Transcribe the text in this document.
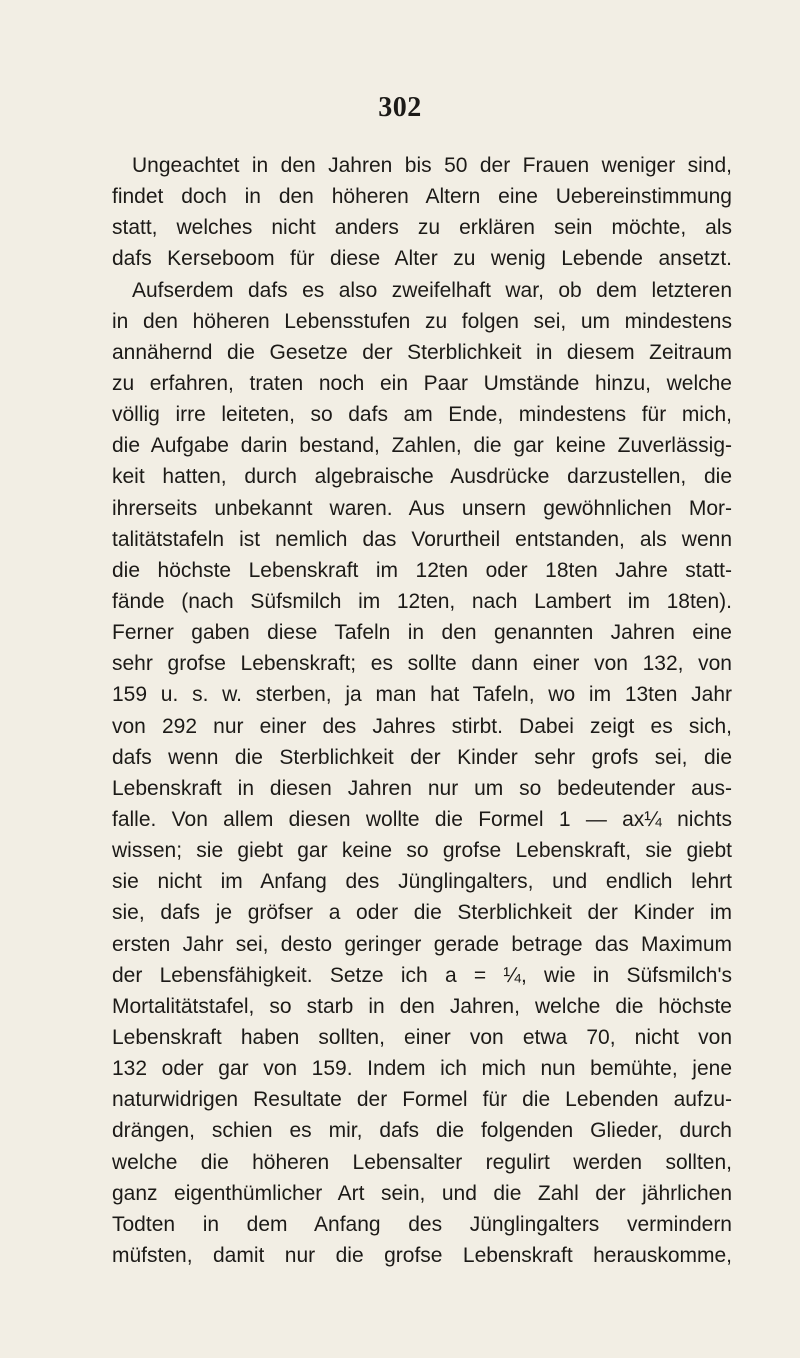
302
Ungeachtet in den Jahren bis 50 der Frauen weniger sind,
findet doch in den höheren Altern eine Uebereinstimmung
statt, welches nicht anders zu erklären sein möchte, als
dafs Kerseboom für diese Alter zu wenig Lebende ansetzt.
Aufserdem dafs es also zweifelhaft war, ob dem letzteren
in den höheren Lebensstufen zu folgen sei, um mindestens
annähernd die Gesetze der Sterblichkeit in diesem Zeitraum
zu erfahren, traten noch ein Paar Umstände hinzu, welche
völlig irre leiteten, so dafs am Ende, mindestens für mich,
die Aufgabe darin bestand, Zahlen, die gar keine Zuverlässig-
keit hatten, durch algebraische Ausdrücke darzustellen, die
ihrerseits unbekannt waren. Aus unsern gewöhnlichen Mor-
talitätstafeln ist nemlich das Vorurtheil entstanden, als wenn
die höchste Lebenskraft im 12ten oder 18ten Jahre statt-
fände (nach Süfsmilch im 12ten, nach Lambert im 18ten).
Ferner gaben diese Tafeln in den genannten Jahren eine
sehr grofse Lebenskraft; es sollte dann einer von 132, von
159 u. s. w. sterben, ja man hat Tafeln, wo im 13ten Jahr
von 292 nur einer des Jahres stirbt. Dabei zeigt es sich,
dafs wenn die Sterblichkeit der Kinder sehr grofs sei, die
Lebenskraft in diesen Jahren nur um so bedeutender aus-
falle. Von allem diesen wollte die Formel 1 — ax¼ nichts
wissen; sie giebt gar keine so grofse Lebenskraft, sie giebt
sie nicht im Anfang des Jünglingalters, und endlich lehrt
sie, dafs je gröfser a oder die Sterblichkeit der Kinder im
ersten Jahr sei, desto geringer gerade betrage das Maximum
der Lebensfähigkeit. Setze ich a = ¼, wie in Süfsmilch's
Mortalitätstafel, so starb in den Jahren, welche die höchste
Lebenskraft haben sollten, einer von etwa 70, nicht von
132 oder gar von 159. Indem ich mich nun bemühte, jene
naturwidrigen Resultate der Formel für die Lebenden aufzu-
drängen, schien es mir, dafs die folgenden Glieder, durch
welche die höheren Lebensalter regulirt werden sollten,
ganz eigenthümlicher Art sein, und die Zahl der jährlichen
Todten in dem Anfang des Jünglingalters vermindern
müfsten, damit nur die grofse Lebenskraft herauskomme,
